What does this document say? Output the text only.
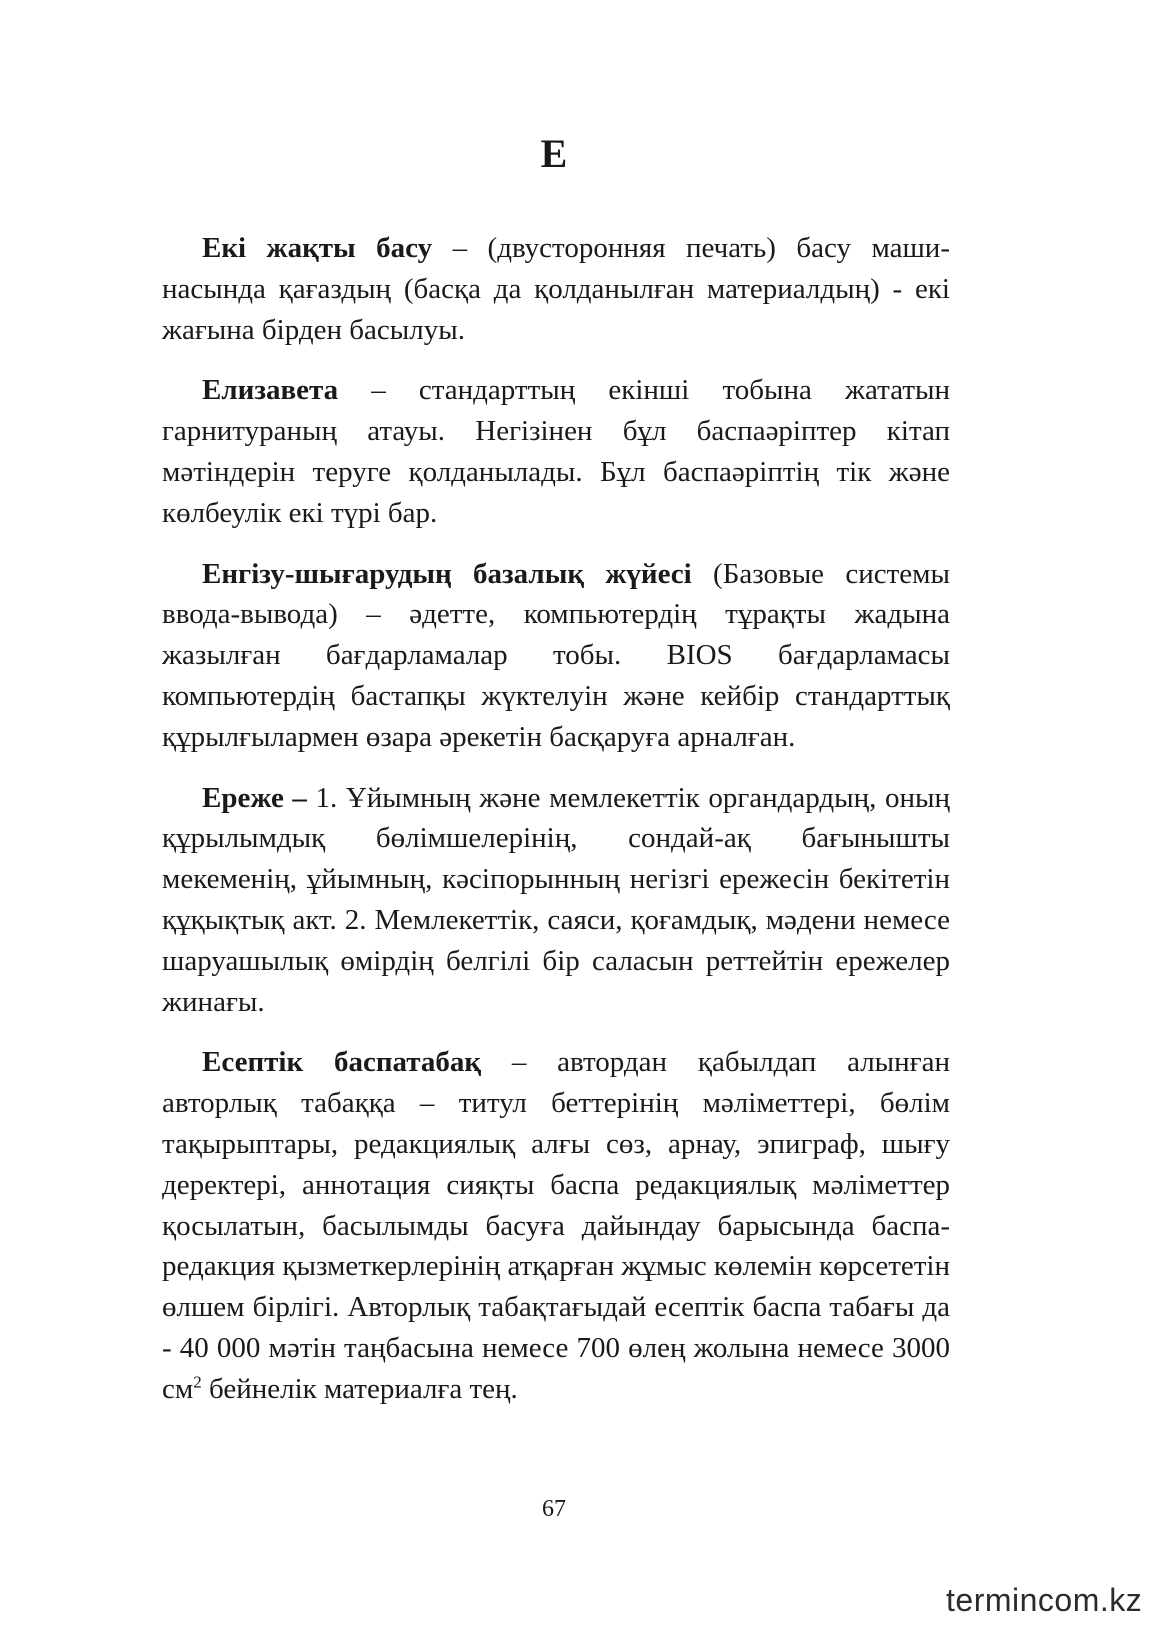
Е

Екі жақты басу – (двусторонняя печать) басу машинасында қағаздың (басқа да қолданылған материалдың) - екі жағына бірден басылуы.

Елизавета – стандарттың екінші тобына жататын гарнитураның атауы. Негізінен бұл баспаәріптер кітап мәтіндерін теруге қолданылады. Бұл баспаәріптің тік және көлбеулік екі түрі бар.

Енгізу-шығарудың базалық жүйесі (Базовые системы ввода-вывода) – әдетте, компьютердің тұрақты жадына жазылған бағдарламалар тобы. BIOS бағдарламасы компьютердің бастапқы жүктелуін және кейбір стандарттық құрылғылармен өзара әрекетін басқаруға арналған.

Ереже – 1. Ұйымның және мемлекеттік органдардың, оның құрылымдық бөлімшелерінің, сондай-ақ бағынышты мекеменің, ұйымның, кәсіпорынның негізгі ережесін бекітетін құқықтық акт. 2. Мемлекеттік, саяси, қоғамдық, мәдени немесе шаруашылық өмірдің белгілі бір саласын реттейтін ережелер жинағы.

Есептік баспатабақ – автордан қабылдап алынған авторлық табаққа – титул беттерінің мәліметтері, бөлім тақырыптары, редакциялық алғы сөз, арнау, эпиграф, шығу деректері, аннотация сияқты баспа редакциялық мәліметтер қосылатын, басылымды басуға дайындау барысында баспа-редакция қызметкерлерінің атқарған жұмыс көлемін көрсететін өлшем бірлігі. Авторлық табақтағыдай есептік баспа табағы да - 40 000 мәтін таңбасына немесе 700 өлең жолына немесе 3000 $см^2$ бейнелік материалға тең.

67
termincom.kz
